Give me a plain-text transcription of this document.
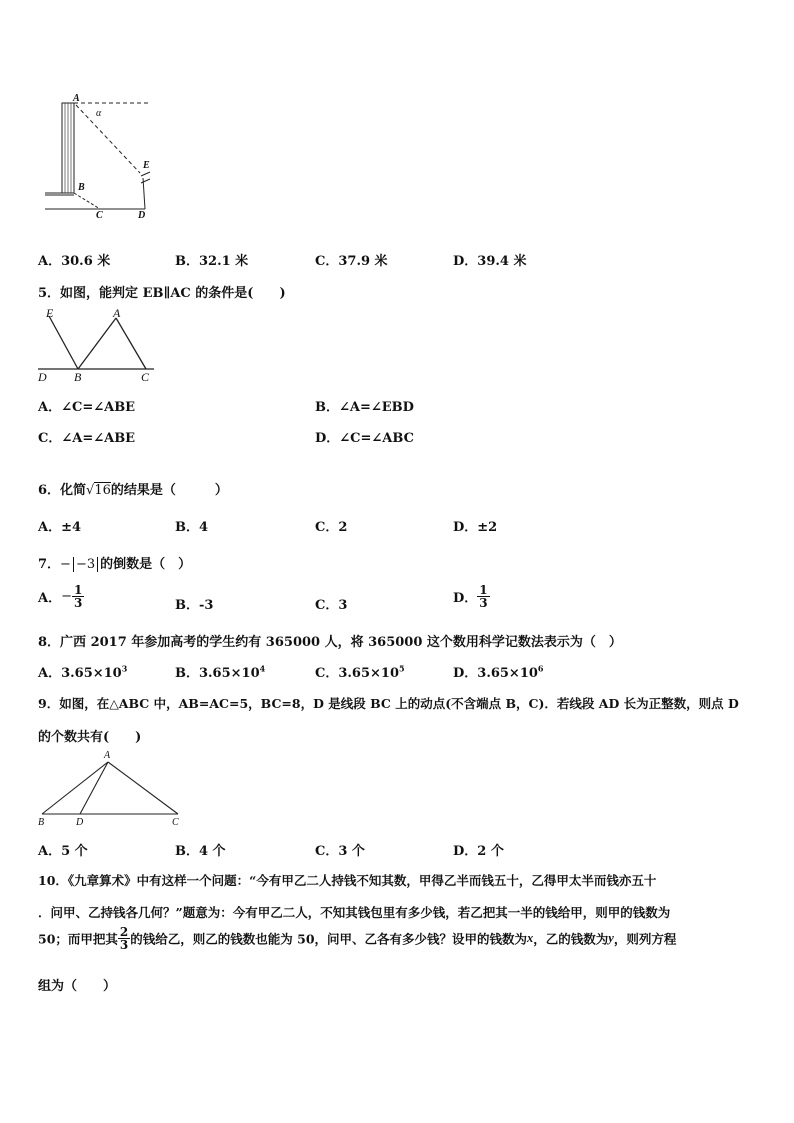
A
α
E
B
C	D
A．30.6 米	B．32.1 米	C．37.9 米	D．39.4 米
5．如图，能判定 EB∥AC 的条件是(　　)
E	A
D B	C
A．∠C=∠ABE	B．∠A=∠EBD
C．∠A=∠ABE	D．∠C=∠ABC
6．化简√16的结果是（　　　）
A．±4	B．4	C．2	D．±2
7．− −3 的倒数是（　）
A．− $\frac{1}{3}$	B．-3	C．3	D． $\frac{1}{3}$
8．广西 2017 年参加高考的学生约有 365000 人，将 365000 这个数用科学记数法表示为（　）
A．$3.65\times 10^3$	B．$3.65\times 10^4$	C．$3.65\times 10^5$	D．$3.65\times 10^6$
9．如图，在△ABC 中，AB=AC=5，BC=8，D 是线段 BC 上的动点(不含端点 B，C)．若线段 AD 长为正整数，则点 D
的个数共有(　　)
A
B	D	C
A．5 个	B．4 个	C．3 个	D．2 个
10．《九章算术》中有这样一个问题：“今有甲乙二人持钱不知其数，甲得乙半而钱五十，乙得甲太半而钱亦五十
．问甲、乙持钱各几何？”题意为：今有甲乙二人，不知其钱包里有多少钱，若乙把其一半的钱给甲，则甲的钱数为
50；而甲把其 $\frac{2}{3}$ 的钱给乙，则乙的钱数也能为 50，问甲、乙各有多少钱？设甲的钱数为x，乙的钱数为y，则列方程
组为（　　）
